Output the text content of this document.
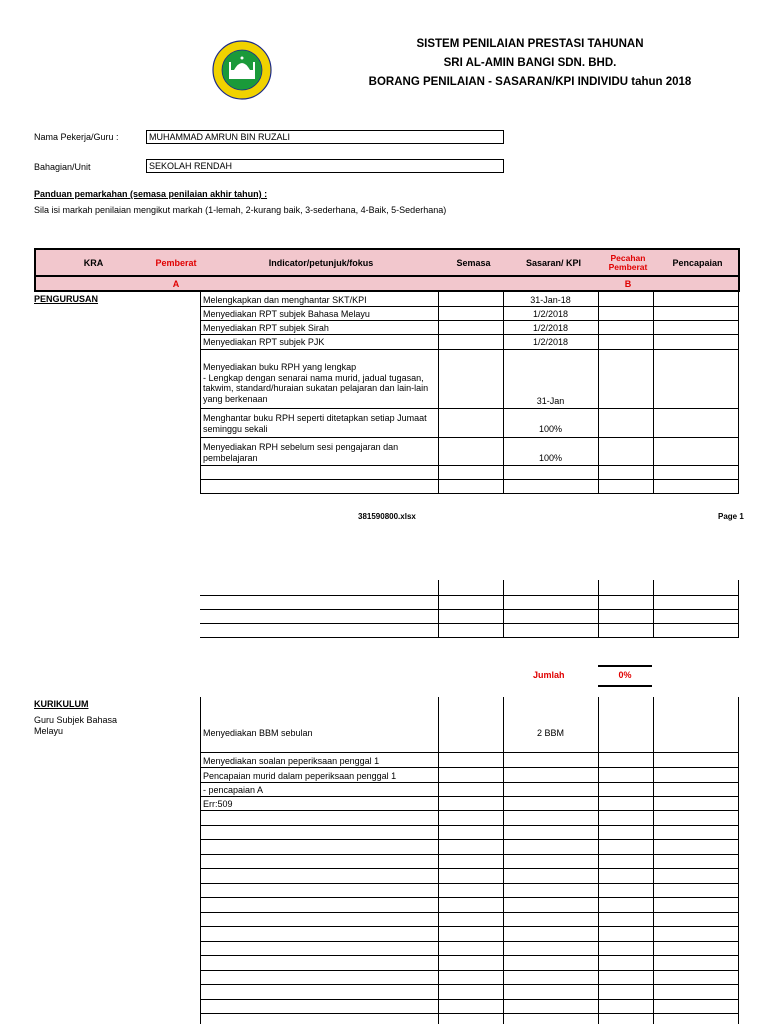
SISTEM PENILAIAN PRESTASI TAHUNAN
SRI AL-AMIN BANGI SDN. BHD.
BORANG PENILAIAN - SASARAN/KPI INDIVIDU tahun 2018
Nama Pekerja/Guru :	MUHAMMAD AMRUN BIN RUZALI
Bahagian/Unit	SEKOLAH RENDAH
Panduan pemarkahan (semasa penilaian akhir tahun) :
Sila isi markah penilaian mengikut markah (1-lemah, 2-kurang baik, 3-sederhana, 4-Baik, 5-Sederhana)
KRA	Pemberat	Indicator/petunjuk/fokus	Semasa	Sasaran/ KPI	Pecahan Pemberat	Pencapaian
A	B
PENGURUSAN	Melengkapkan dan menghantar SKT/KPI	31-Jan-18
Menyediakan RPT subjek Bahasa Melayu	1/2/2018
Menyediakan RPT subjek Sirah	1/2/2018
Menyediakan RPT subjek PJK	1/2/2018
Menyediakan buku RPH yang lengkap
- Lengkap dengan senarai nama murid, jadual tugasan, takwim, standard/huraian sukatan pelajaran dan lain-lain yang berkenaan	31-Jan
Menghantar buku RPH seperti ditetapkan setiap Jumaat seminggu sekali	100%
Menyediakan RPH sebelum sesi pengajaran dan pembelajaran	100%
381590800.xlsx	Page 1
Jumlah	0%
KURIKULUM
Guru Subjek Bahasa Melayu	Menyediakan BBM sebulan	2 BBM
Menyediakan soalan peperiksaan penggal 1
Pencapaian murid dalam peperiksaan penggal 1
- pencapaian A
Err:509
